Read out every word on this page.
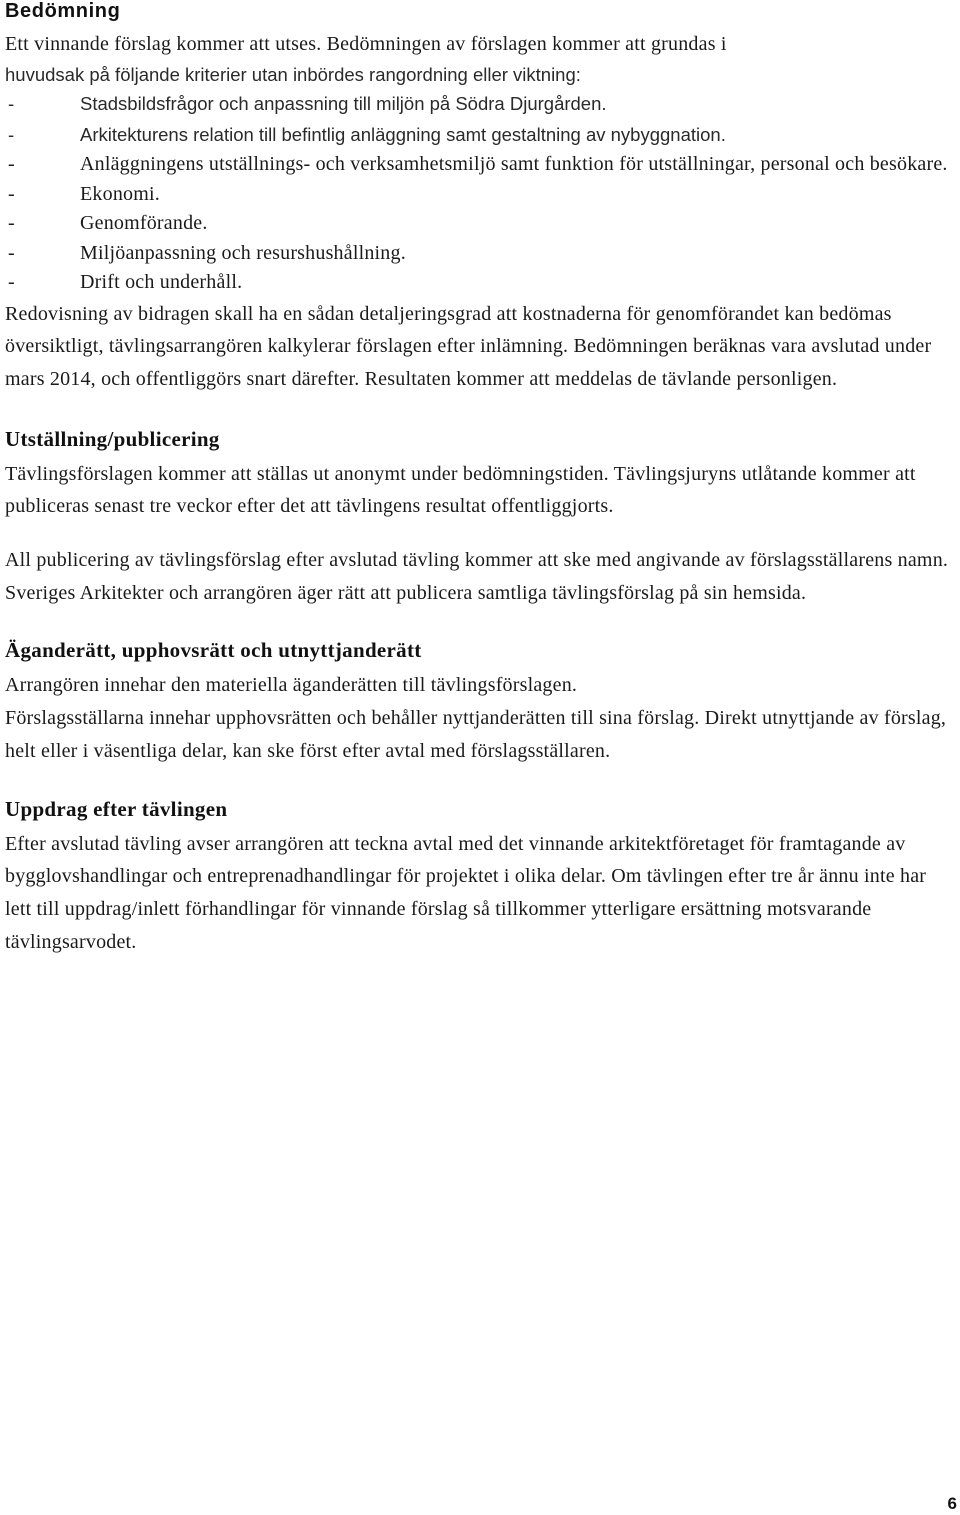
Bedömning

Ett vinnande förslag kommer att utses. Bedömningen av förslagen kommer att grundas i

huvudsak på följande kriterier utan inbördes rangordning eller viktning:

-	Stadsbildsfrågor och anpassning till miljön på Södra Djurgården.
-	Arkitekturens relation till befintlig anläggning samt gestaltning av nybyggnation.
-	Anläggningens utställnings- och verksamhetsmiljö samt funktion för utställningar, personal och besökare.
-	Ekonomi.
-	Genomförande.
-	Miljöanpassning och resurshushållning.
-	Drift och underhåll.

Redovisning av bidragen skall ha en sådan detaljeringsgrad att kostnaderna för genomförandet kan bedömas översiktligt, tävlingsarrangören kalkylerar förslagen efter inlämning. Bedömningen beräknas vara avslutad under mars 2014, och offentliggörs snart därefter. Resultaten kommer att meddelas de tävlande personligen.

Utställning/publicering

Tävlingsförslagen kommer att ställas ut anonymt under bedömningstiden. Tävlingsjuryns utlåtande kommer att publiceras senast tre veckor efter det att tävlingens resultat offentliggjorts.

All publicering av tävlingsförslag efter avslutad tävling kommer att ske med angivande av förslagsställarens namn. Sveriges Arkitekter och arrangören äger rätt att publicera samtliga tävlingsförslag på sin hemsida.

Äganderätt, upphovsrätt och utnyttjanderätt

Arrangören innehar den materiella äganderätten till tävlingsförslagen.

Förslagsställarna innehar upphovsrätten och behåller nyttjanderätten till sina förslag. Direkt utnyttjande av förslag, helt eller i väsentliga delar, kan ske först efter avtal med förslagsställaren.

Uppdrag efter tävlingen

Efter avslutad tävling avser arrangören att teckna avtal med det vinnande arkitektföretaget för framtagande av bygglovshandlingar och entreprenadhandlingar för projektet i olika delar. Om tävlingen efter tre år ännu inte har lett till uppdrag/inlett förhandlingar för vinnande förslag så tillkommer ytterligare ersättning motsvarande tävlingsarvodet.

6
